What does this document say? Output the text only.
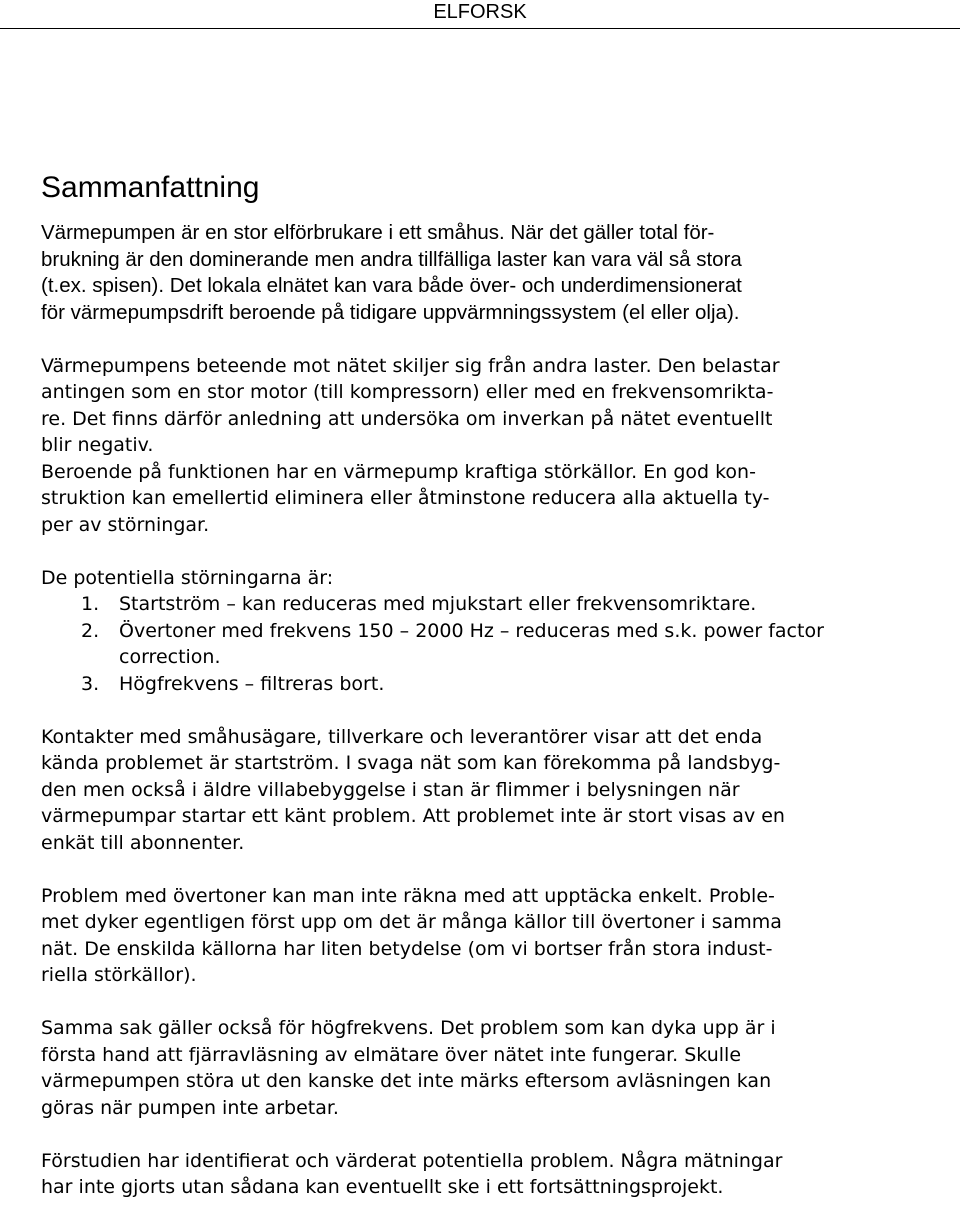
ELFORSK
Sammanfattning
Värmepumpen är en stor elförbrukare i ett småhus. När det gäller total för-
brukning är den dominerande men andra tillfälliga laster kan vara väl så stora
(t.ex. spisen). Det lokala elnätet kan vara både över- och underdimensionerat
för värmepumpsdrift beroende på tidigare uppvärmningssystem (el eller olja).
Värmepumpens beteende mot nätet skiljer sig från andra laster. Den belastar
antingen som en stor motor (till kompressorn) eller med en frekvensomrikta-
re. Det finns därför anledning att undersöka om inverkan på nätet eventuellt
blir negativ.
Beroende på funktionen har en värmepump kraftiga störkällor. En god kon-
struktion kan emellertid eliminera eller åtminstone reducera alla aktuella ty-
per av störningar.
De potentiella störningarna är:
1.	Startström – kan reduceras med mjukstart eller frekvensomriktare.
2.	Övertoner med frekvens 150 – 2000 Hz – reduceras med s.k. power factor correction.
3.	Högfrekvens – filtreras bort.
Kontakter med småhusägare, tillverkare och leverantörer visar att det enda
kända problemet är startström. I svaga nät som kan förekomma på landsbyg-
den men också i äldre villabebyggelse i stan är flimmer i belysningen när
värmepumpar startar ett känt problem. Att problemet inte är stort visas av en
enkät till abonnenter.
Problem med övertoner kan man inte räkna med att upptäcka enkelt. Proble-
met dyker egentligen först upp om det är många källor till övertoner i samma
nät. De enskilda källorna har liten betydelse (om vi bortser från stora indust-
riella störkällor).
Samma sak gäller också för högfrekvens. Det problem som kan dyka upp är i
första hand att fjärravläsning av elmätare över nätet inte fungerar. Skulle
värmepumpen störa ut den kanske det inte märks eftersom avläsningen kan
göras när pumpen inte arbetar.
Förstudien har identifierat och värderat potentiella problem. Några mätningar
har inte gjorts utan sådana kan eventuellt ske i ett fortsättningsprojekt.
